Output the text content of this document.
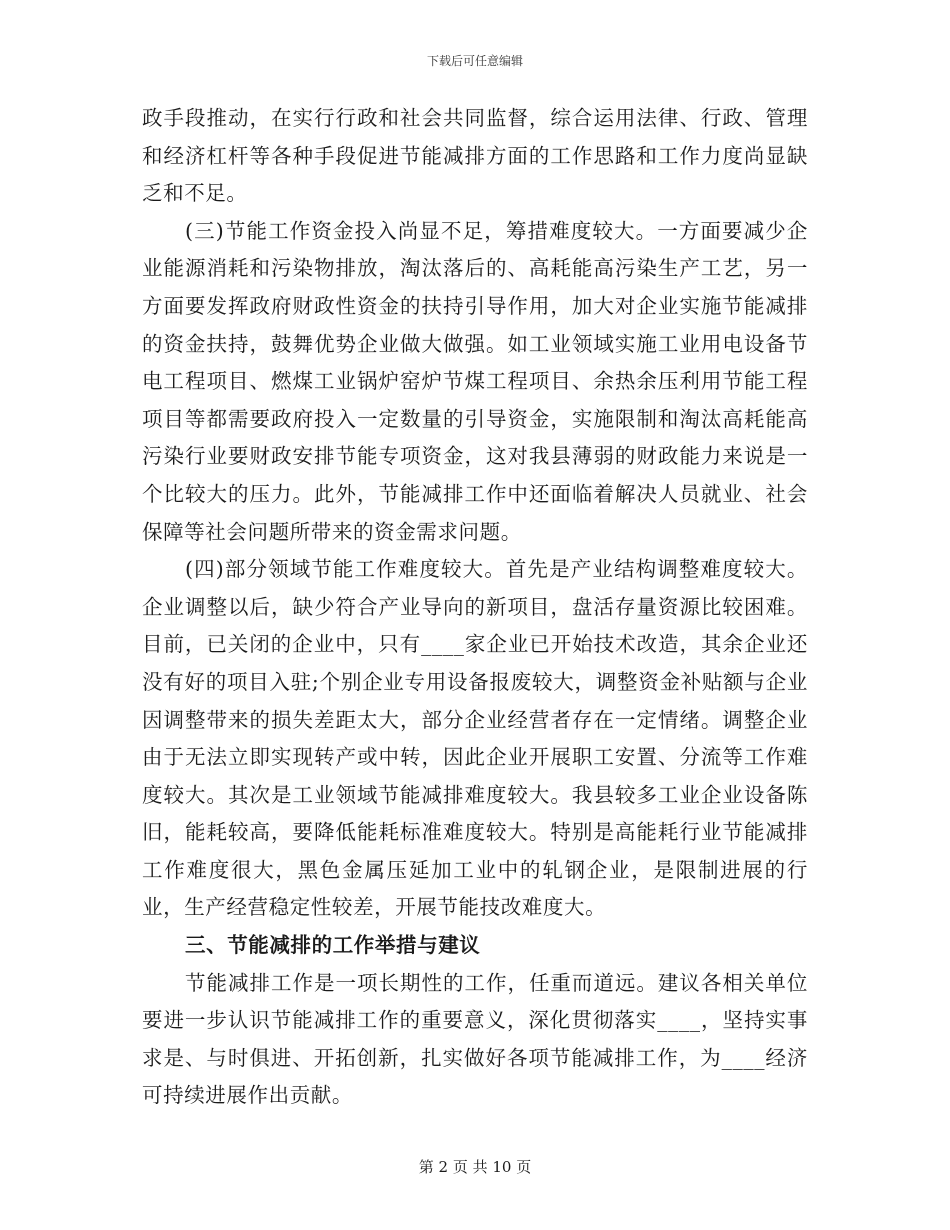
下载后可任意编辑

政手段推动，在实行行政和社会共同监督，综合运用法律、行政、管理和经济杠杆等各种手段促进节能减排方面的工作思路和工作力度尚显缺乏和不足。

(三)节能工作资金投入尚显不足，筹措难度较大。一方面要减少企业能源消耗和污染物排放，淘汰落后的、高耗能高污染生产工艺，另一方面要发挥政府财政性资金的扶持引导作用，加大对企业实施节能减排的资金扶持，鼓舞优势企业做大做强。如工业领域实施工业用电设备节电工程项目、燃煤工业锅炉窑炉节煤工程项目、余热余压利用节能工程项目等都需要政府投入一定数量的引导资金，实施限制和淘汰高耗能高污染行业要财政安排节能专项资金，这对我县薄弱的财政能力来说是一个比较大的压力。此外，节能减排工作中还面临着解决人员就业、社会保障等社会问题所带来的资金需求问题。

(四)部分领域节能工作难度较大。首先是产业结构调整难度较大。企业调整以后，缺少符合产业导向的新项目，盘活存量资源比较困难。目前，已关闭的企业中，只有____家企业已开始技术改造，其余企业还没有好的项目入驻;个别企业专用设备报废较大，调整资金补贴额与企业因调整带来的损失差距太大，部分企业经营者存在一定情绪。调整企业由于无法立即实现转产或中转，因此企业开展职工安置、分流等工作难度较大。其次是工业领域节能减排难度较大。我县较多工业企业设备陈旧，能耗较高，要降低能耗标准难度较大。特别是高能耗行业节能减排工作难度很大，黑色金属压延加工业中的轧钢企业，是限制进展的行业，生产经营稳定性较差，开展节能技改难度大。

三、节能减排的工作举措与建议

节能减排工作是一项长期性的工作，任重而道远。建议各相关单位要进一步认识节能减排工作的重要意义，深化贯彻落实____，坚持实事求是、与时俱进、开拓创新，扎实做好各项节能减排工作，为____经济可持续进展作出贡献。

第 2 页 共 10 页
